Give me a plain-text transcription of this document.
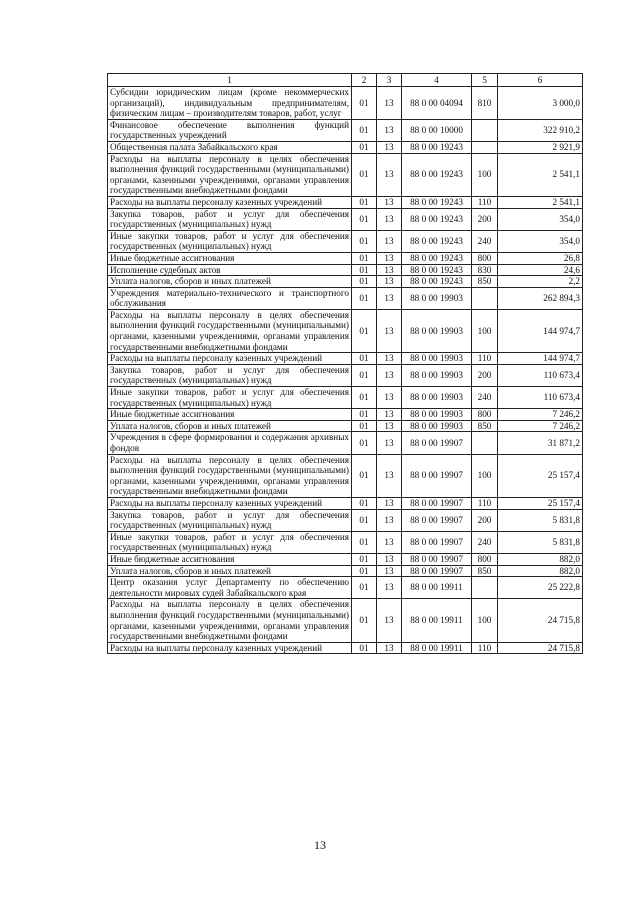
1	2	3	4	5	6
Субсидии юридическим лицам (кроме некоммерческих организаций), индивидуальным предпринимателям, физическим лицам – производителям товаров, работ, услуг	01	13	88 0 00 04094	810	3 000,0
Финансовое обеспечение выполнения функций государственных учреждений	01	13	88 0 00 10000		322 910,2
Общественная палата Забайкальского края	01	13	88 0 00 19243		2 921,9
Расходы на выплаты персоналу в целях обеспечения выполнения функций государственными (муниципальными) органами, казенными учреждениями, органами управления государственными внебюджетными фондами	01	13	88 0 00 19243	100	2 541,1
Расходы на выплаты персоналу казенных учреждений	01	13	88 0 00 19243	110	2 541,1
Закупка товаров, работ и услуг для обеспечения государственных (муниципальных) нужд	01	13	88 0 00 19243	200	354,0
Иные закупки товаров, работ и услуг для обеспечения государственных (муниципальных) нужд	01	13	88 0 00 19243	240	354,0
Иные бюджетные ассигнования	01	13	88 0 00 19243	800	26,8
Исполнение судебных актов	01	13	88 0 00 19243	830	24,6
Уплата налогов, сборов и иных платежей	01	13	88 0 00 19243	850	2,2
Учреждения материально-технического и транспортного обслуживания	01	13	88 0 00 19903		262 894,3
Расходы на выплаты персоналу в целях обеспечения выполнения функций государственными (муниципальными) органами, казенными учреждениями, органами управления государственными внебюджетными фондами	01	13	88 0 00 19903	100	144 974,7
Расходы на выплаты персоналу казенных учреждений	01	13	88 0 00 19903	110	144 974,7
Закупка товаров, работ и услуг для обеспечения государственных (муниципальных) нужд	01	13	88 0 00 19903	200	110 673,4
Иные закупки товаров, работ и услуг для обеспечения государственных (муниципальных) нужд	01	13	88 0 00 19903	240	110 673,4
Иные бюджетные ассигнования	01	13	88 0 00 19903	800	7 246,2
Уплата налогов, сборов и иных платежей	01	13	88 0 00 19903	850	7 246,2
Учреждения в сфере формирования и содержания архивных фондов	01	13	88 0 00 19907		31 871,2
Расходы на выплаты персоналу в целях обеспечения выполнения функций государственными (муниципальными) органами, казенными учреждениями, органами управления государственными внебюджетными фондами	01	13	88 0 00 19907	100	25 157,4
Расходы на выплаты персоналу казенных учреждений	01	13	88 0 00 19907	110	25 157,4
Закупка товаров, работ и услуг для обеспечения государственных (муниципальных) нужд	01	13	88 0 00 19907	200	5 831,8
Иные закупки товаров, работ и услуг для обеспечения государственных (муниципальных) нужд	01	13	88 0 00 19907	240	5 831,8
Иные бюджетные ассигнования	01	13	88 0 00 19907	800	882,0
Уплата налогов, сборов и иных платежей	01	13	88 0 00 19907	850	882,0
Центр оказания услуг Департаменту по обеспечению деятельности мировых судей Забайкальского края	01	13	88 0 00 19911		25 222,8
Расходы на выплаты персоналу в целях обеспечения выполнения функций государственными (муниципальными) органами, казенными учреждениями, органами управления государственными внебюджетными фондами	01	13	88 0 00 19911	100	24 715,8
Расходы на выплаты персоналу казенных учреждений	01	13	88 0 00 19911	110	24 715,8
13
